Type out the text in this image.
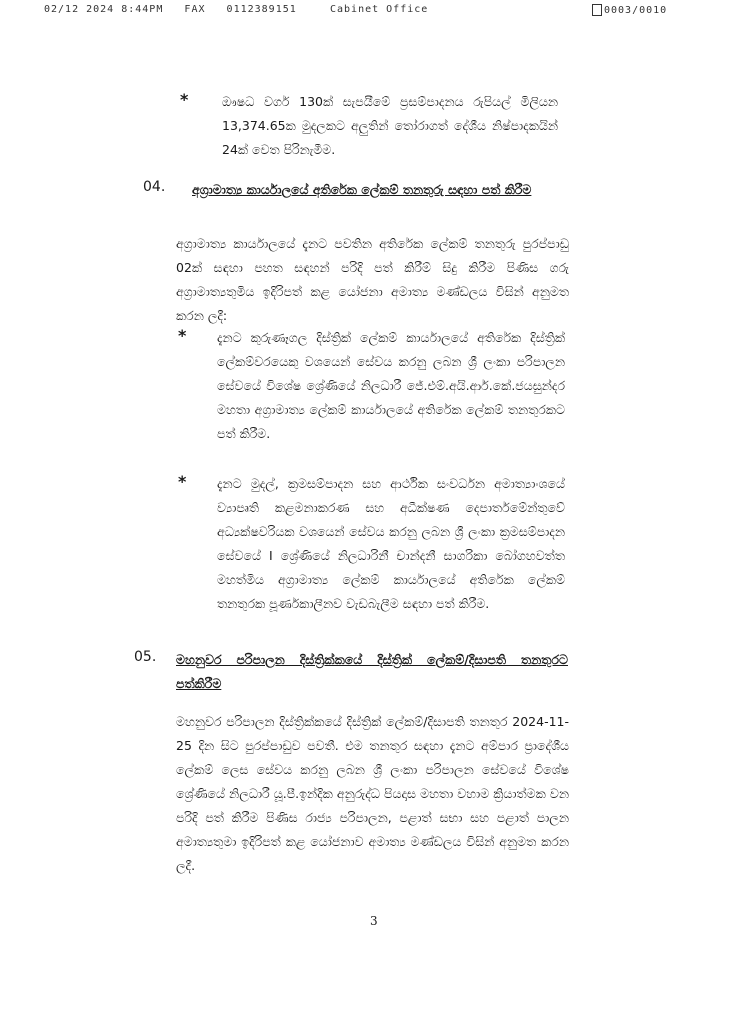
02/12 2024 8:44PM FAX 0112389151	Cabinet Office	0003/0010
*	ඖෂධ වර්ග 130ක් සැපයීමේ ප්‍රසම්පාදනය රුපියල් මිලියන 13,374.65ක මුදලකට අලුතින් තෝරාගත් දේශීය නිෂ්පාදකයින් 24ක් වෙත පිරිනැමීම.
04. අග්‍රාමාත්‍ය කාර්යාලයේ අතිරේක ලේකම් තනතුරු සඳහා පත් කිරීම
අග්‍රාමාත්‍ය කාර්යාලයේ දැනට පවතින අතිරේක ලේකම් තනතුරු පුරප්පාඩු 02ක් සඳහා පහත සඳහන් පරිදි පත් කිරීම් සිදු කිරීම පිණිස ගරු අග්‍රාමාත්‍යතුමිය ඉදිරිපත් කළ යෝජනා අමාත්‍ය මණ්ඩලය විසින් අනුමත කරන ලදී:
* දැනට කුරුණෑගල දිස්ත්‍රික් ලේකම් කාර්යාලයේ අතිරේක දිස්ත්‍රික් ලේකම්වරයෙකු වශයෙන් සේවය කරනු ලබන ශ්‍රී ලංකා පරිපාලන සේවයේ විශේෂ ශ්‍රේණියේ නිලධාරී ජේ.එම්.අයි.ආර්.කේ.ජයසුන්දර මහතා අග්‍රාමාත්‍ය ලේකම් කාර්යාලයේ අතිරේක ලේකම් තනතුරකට පත් කිරීම.
* දැනට මුදල්, ක්‍රමසම්පාදන සහ ආර්ථික සංවර්ධන අමාත්‍යාංශයේ ව්‍යාපෘති කළමනාකරණ සහ අධීක්ෂණ දෙපාර්තමේන්තුවේ අධ්‍යක්ෂවරියක වශයෙන් සේවය කරනු ලබන ශ්‍රී ලංකා ක්‍රමසම්පාදන සේවයේ I ශ්‍රේණියේ නිලධාරිනී චාන්දනී සාගරිකා බෝගහවත්ත මහත්මිය අග්‍රාමාත්‍ය ලේකම් කාර්යාලයේ අතිරේක ලේකම් තනතුරක පූර්ණකාලීනව වැඩබැලීම සඳහා පත් කිරීම.
05. මහනුවර පරිපාලන දිස්ත්‍රික්කයේ දිස්ත්‍රික් ලේකම්/දිසාපති තනතුරට
පත්කිරීම
මහනුවර පරිපාලන දිස්ත්‍රික්කයේ දිස්ත්‍රික් ලේකම්/දිසාපති තනතුර 2024-11-25 දින සිට පුරප්පාඩුව පවතී. එම තනතුර සඳහා දැනට අම්පාර ප්‍රාදේශීය ලේකම් ලෙස සේවය කරනු ලබන ශ්‍රී ලංකා පරිපාලන සේවයේ විශේෂ ශ්‍රේණියේ නිලධාරී යූ.පී.ඉන්දික අනුරුද්ධ පියදාස මහතා වහාම ක්‍රියාත්මක වන පරිදි පත් කිරීම පිණිස රාජ්‍ය පරිපාලන, පළාත් සභා සහ පළාත් පාලන අමාත්‍යතුමා ඉදිරිපත් කළ යෝජනාව අමාත්‍ය මණ්ඩලය විසින් අනුමත කරන ලදී.
3
